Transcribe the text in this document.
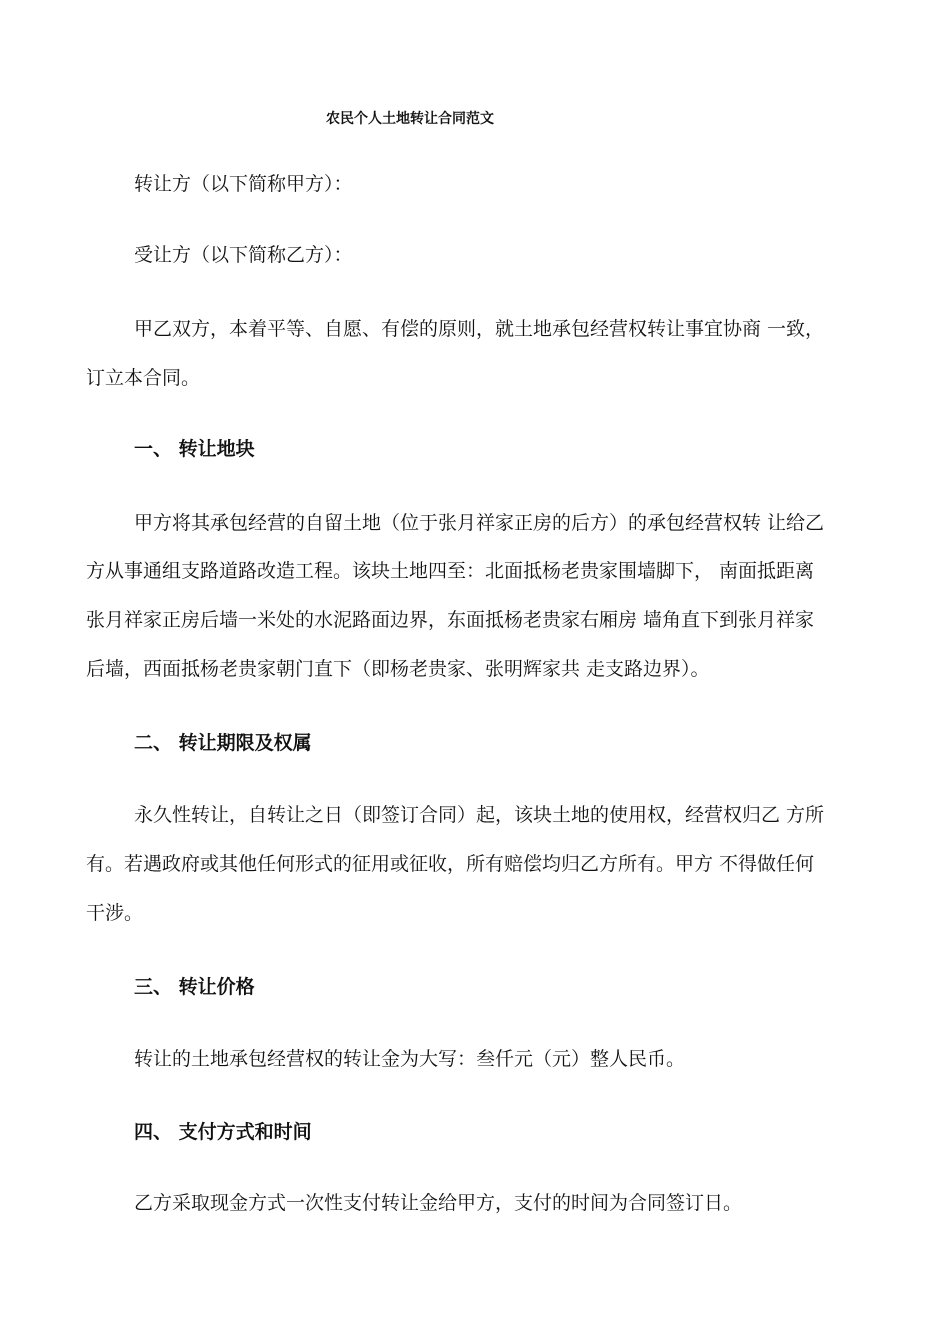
农民个人土地转让合同范文
转让方（以下简称甲方）：
受让方（以下简称乙方）：
甲乙双方，本着平等、自愿、有偿的原则，就土地承包经营权转让事宜协商 一致，
订立本合同。
一、 转让地块
甲方将其承包经营的自留土地（位于张月祥家正房的后方）的承包经营权转 让给乙
方从事通组支路道路改造工程。该块土地四至：北面抵杨老贵家围墙脚下， 南面抵距离
张月祥家正房后墙一米处的水泥路面边界，东面抵杨老贵家右厢房 墙角直下到张月祥家
后墙，西面抵杨老贵家朝门直下（即杨老贵家、张明辉家共 走支路边界）。
二、 转让期限及权属
永久性转让，自转让之日（即签订合同）起，该块土地的使用权，经营权归乙 方所
有。若遇政府或其他任何形式的征用或征收，所有赔偿均归乙方所有。甲方 不得做任何
干涉。
三、 转让价格
转让的土地承包经营权的转让金为大写：叁仟元（元）整人民币。
四、 支付方式和时间
乙方采取现金方式一次性支付转让金给甲方，支付的时间为合同签订日。
